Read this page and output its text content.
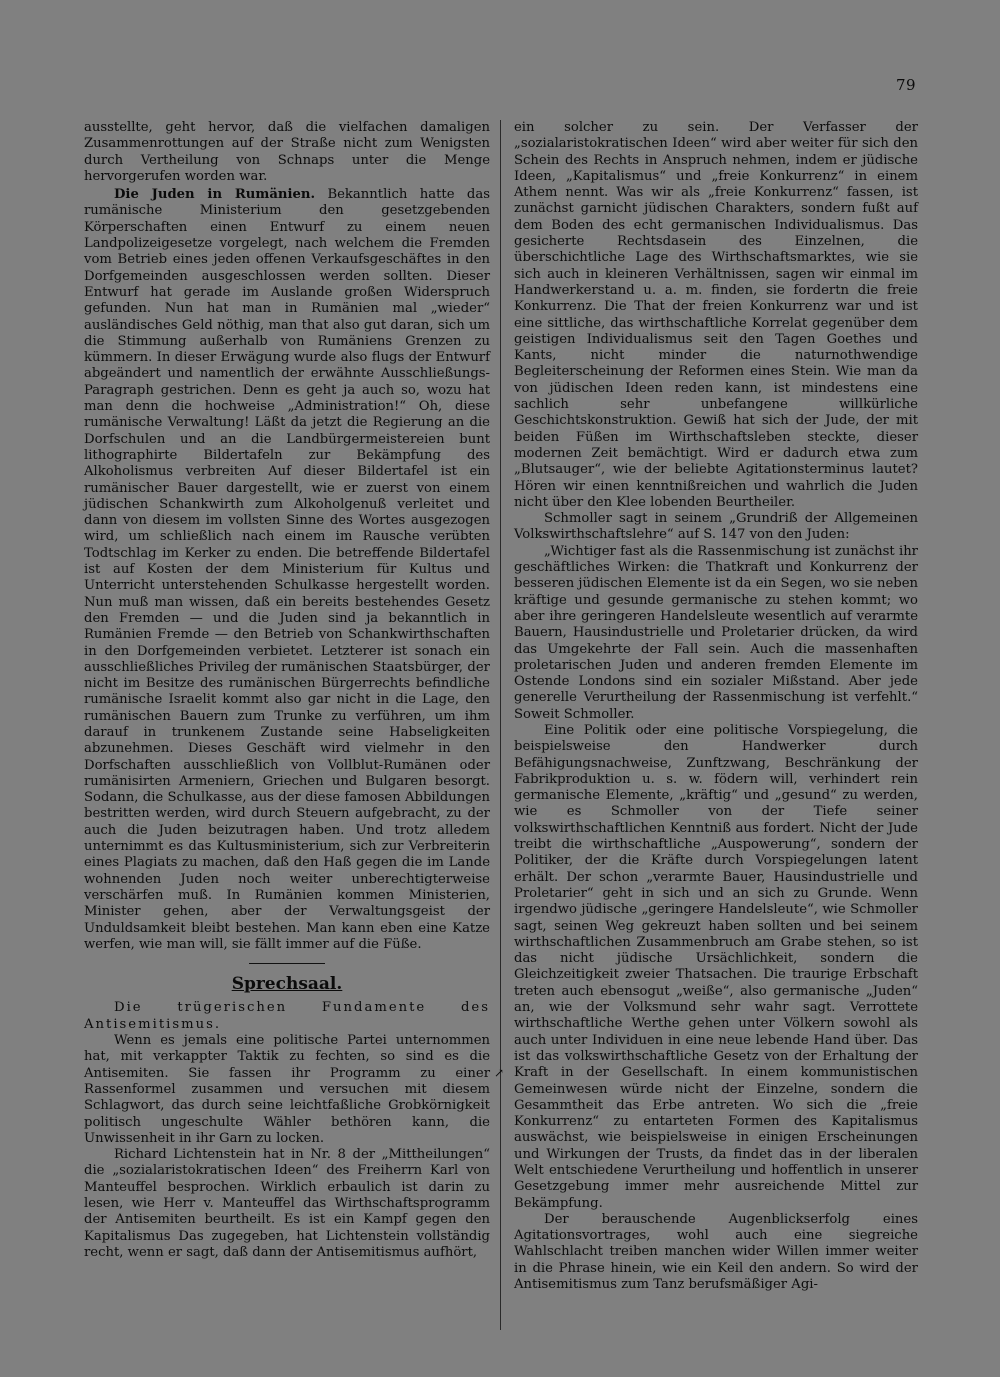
79

ausstellte, geht hervor, daß die vielfachen damaligen Zusammenrottungen auf der Straße nicht zum Wenigsten durch Vertheilung von Schnaps unter die Menge hervorgerufen worden war.

Die Juden in Rumänien. Bekanntlich hatte das rumänische Ministerium den gesetzgebenden Körperschaften einen Entwurf zu einem neuen Landpolizeigesetze vorgelegt, nach welchem die Fremden vom Betrieb eines jeden offenen Verkaufsgeschäftes in den Dorfgemeinden ausgeschlossen werden sollten. Dieser Entwurf hat gerade im Auslande großen Widerspruch gefunden. Nun hat man in Rumänien mal „wieder“ ausländisches Geld nöthig, man that also gut daran, sich um die Stimmung außerhalb von Rumäniens Grenzen zu kümmern. In dieser Erwägung wurde also flugs der Entwurf abgeändert und namentlich der erwähnte Ausschließungs-Paragraph gestrichen. Denn es geht ja auch so, wozu hat man denn die hochweise „Administration!“ Oh, diese rumänische Verwaltung! Läßt da jetzt die Regierung an die Dorfschulen und an die Landbürgermeistereien bunt lithographirte Bildertafeln zur Bekämpfung des Alkoholismus verbreiten Auf dieser Bildertafel ist ein rumänischer Bauer dargestellt, wie er zuerst von einem jüdischen Schankwirth zum Alkoholgenuß verleitet und dann von diesem im vollsten Sinne des Wortes ausgezogen wird, um schließlich nach einem im Rausche verübten Todtschlag im Kerker zu enden. Die betreffende Bildertafel ist auf Kosten der dem Ministerium für Kultus und Unterricht unterstehenden Schulkasse hergestellt worden. Nun muß man wissen, daß ein bereits bestehendes Gesetz den Fremden — und die Juden sind ja bekanntlich in Rumänien Fremde — den Betrieb von Schankwirthschaften in den Dorfgemeinden verbietet. Letzterer ist sonach ein ausschließliches Privileg der rumänischen Staatsbürger, der nicht im Besitze des rumänischen Bürgerrechts befindliche rumänische Israelit kommt also gar nicht in die Lage, den rumänischen Bauern zum Trunke zu verführen, um ihm darauf in trunkenem Zustande seine Habseligkeiten abzunehmen. Dieses Geschäft wird vielmehr in den Dorfschaften ausschließlich von Vollblut-Rumänen oder rumänisirten Armeniern, Griechen und Bulgaren besorgt. Sodann, die Schulkasse, aus der diese famosen Abbildungen bestritten werden, wird durch Steuern aufgebracht, zu der auch die Juden beizutragen haben. Und trotz alledem unternimmt es das Kultusministerium, sich zur Verbreiterin eines Plagiats zu machen, daß den Haß gegen die im Lande wohnenden Juden noch weiter unberechtigterweise verschärfen muß. In Rumänien kommen Ministerien, Minister gehen, aber der Verwaltungsgeist der Unduldsamkeit bleibt bestehen. Man kann eben eine Katze werfen, wie man will, sie fällt immer auf die Füße.

Sprechsaal.

Die trügerischen Fundamente des Antisemitismus.

Wenn es jemals eine politische Partei unternommen hat, mit verkappter Taktik zu fechten, so sind es die Antisemiten. Sie fassen ihr Programm zu einer Rassenformel zusammen und versuchen mit diesem Schlagwort, das durch seine leichtfaßliche Grobkörnigkeit politisch ungeschulte Wähler bethören kann, die Unwissenheit in ihr Garn zu locken.

Richard Lichtenstein hat in Nr. 8 der „Mittheilungen“ die „sozialaristokratischen Ideen“ des Freiherrn Karl von Manteuffel besprochen. Wirklich erbaulich ist darin zu lesen, wie Herr v. Manteuffel das Wirthschaftsprogramm der Antisemiten beurtheilt. Es ist ein Kampf gegen den Kapitalismus Das zugegeben, hat Lichtenstein vollständig recht, wenn er sagt, daß dann der Antisemitismus aufhört,

ein solcher zu sein. Der Verfasser der „sozialaristokratischen Ideen“ wird aber weiter für sich den Schein des Rechts in Anspruch nehmen, indem er jüdische Ideen, „Kapitalismus“ und „freie Konkurrenz“ in einem Athem nennt. Was wir als „freie Konkurrenz“ fassen, ist zunächst garnicht jüdischen Charakters, sondern fußt auf dem Boden des echt germanischen Individualismus. Das gesicherte Rechtsdasein des Einzelnen, die überschichtliche Lage des Wirthschaftsmarktes, wie sie sich auch in kleineren Verhältnissen, sagen wir einmal im Handwerkerstand u. a. m. finden, sie fordertn die freie Konkurrenz. Die That der freien Konkurrenz war und ist eine sittliche, das wirthschaftliche Korrelat gegenüber dem geistigen Individualismus seit den Tagen Goethes und Kants, nicht minder die naturnothwendige Begleiterscheinung der Reformen eines Stein. Wie man da von jüdischen Ideen reden kann, ist mindestens eine sachlich sehr unbefangene willkürliche Geschichtskonstruktion. Gewiß hat sich der Jude, der mit beiden Füßen im Wirthschaftsleben steckte, dieser modernen Zeit bemächtigt. Wird er dadurch etwa zum „Blutsauger“, wie der beliebte Agitationsterminus lautet? Hören wir einen kenntnißreichen und wahrlich die Juden nicht über den Klee lobenden Beurtheiler.

Schmoller sagt in seinem „Grundriß der Allgemeinen Volkswirthschaftslehre“ auf S. 147 von den Juden:

„Wichtiger fast als die Rassenmischung ist zunächst ihr geschäftliches Wirken: die Thatkraft und Konkurrenz der besseren jüdischen Elemente ist da ein Segen, wo sie neben kräftige und gesunde germanische zu stehen kommt; wo aber ihre geringeren Handelsleute wesentlich auf verarmte Bauern, Hausindustrielle und Proletarier drücken, da wird das Umgekehrte der Fall sein. Auch die massenhaften proletarischen Juden und anderen fremden Elemente im Ostende Londons sind ein sozialer Mißstand. Aber jede generelle Verurtheilung der Rassenmischung ist verfehlt.“ Soweit Schmoller.

Eine Politik oder eine politische Vorspiegelung, die beispielsweise den Handwerker durch Befähigungsnachweise, Zunftzwang, Beschränkung der Fabrikproduktion u. s. w. födern will, verhindert rein germanische Elemente, „kräftig“ und „gesund“ zu werden, wie es Schmoller von der Tiefe seiner volkswirthschaftlichen Kenntniß aus fordert. Nicht der Jude treibt die wirthschaftliche „Auspowerung“, sondern der Politiker, der die Kräfte durch Vorspiegelungen latent erhält. Der schon „verarmte Bauer, Hausindustrielle und Proletarier“ geht in sich und an sich zu Grunde. Wenn irgendwo jüdische „geringere Handelsleute“, wie Schmoller sagt, seinen Weg gekreuzt haben sollten und bei seinem wirthschaftlichen Zusammenbruch am Grabe stehen, so ist das nicht jüdische Ursächlichkeit, sondern die Gleichzeitigkeit zweier Thatsachen. Die traurige Erbschaft treten auch ebensogut „weiße“, also germanische „Juden“ an, wie der Volksmund sehr wahr sagt. Verrottete wirthschaftliche Werthe gehen unter Völkern sowohl als auch unter Individuen in eine neue lebende Hand über. Das ist das volkswirthschaftliche Gesetz von der Erhaltung der Kraft in der Gesellschaft. In einem kommunistischen Gemeinwesen würde nicht der Einzelne, sondern die Gesammtheit das Erbe antreten. Wo sich die „freie Konkurrenz“ zu entarteten Formen des Kapitalismus auswächst, wie beispielsweise in einigen Erscheinungen und Wirkungen der Trusts, da findet das in der liberalen Welt entschiedene Verurtheilung und hoffentlich in unserer Gesetzgebung immer mehr ausreichende Mittel zur Bekämpfung.

Der berauschende Augenblickserfolg eines Agitationsvortrages, wohl auch eine siegreiche Wahlschlacht treiben manchen wider Willen immer weiter in die Phrase hinein, wie ein Keil den andern. So wird der Antisemitismus zum Tanz berufsmäßiger Agi-

↗
